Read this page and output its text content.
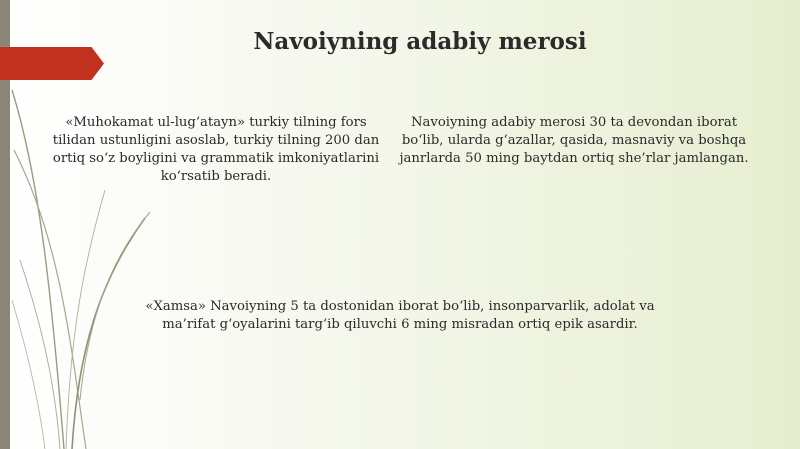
Navoiyning adabiy merosi
«Muhokamat ul-lug‘atayn» turkiy tilning fors tilidan ustunligini asoslab, turkiy tilning 200 dan ortiq so‘z boyligini va grammatik imkoniyatlarini ko‘rsatib beradi.
Navoiyning adabiy merosi 30 ta devondan iborat bo‘lib, ularda g‘azallar, qasida, masnaviy va boshqa janrlarda 50 ming baytdan ortiq she’rlar jamlangan.
«Xamsa» Navoiyning 5 ta dostonidan iborat bo‘lib, insonparvarlik, adolat va ma’rifat g‘oyalarini targ‘ib qiluvchi 6 ming misradan ortiq epik asardir.
